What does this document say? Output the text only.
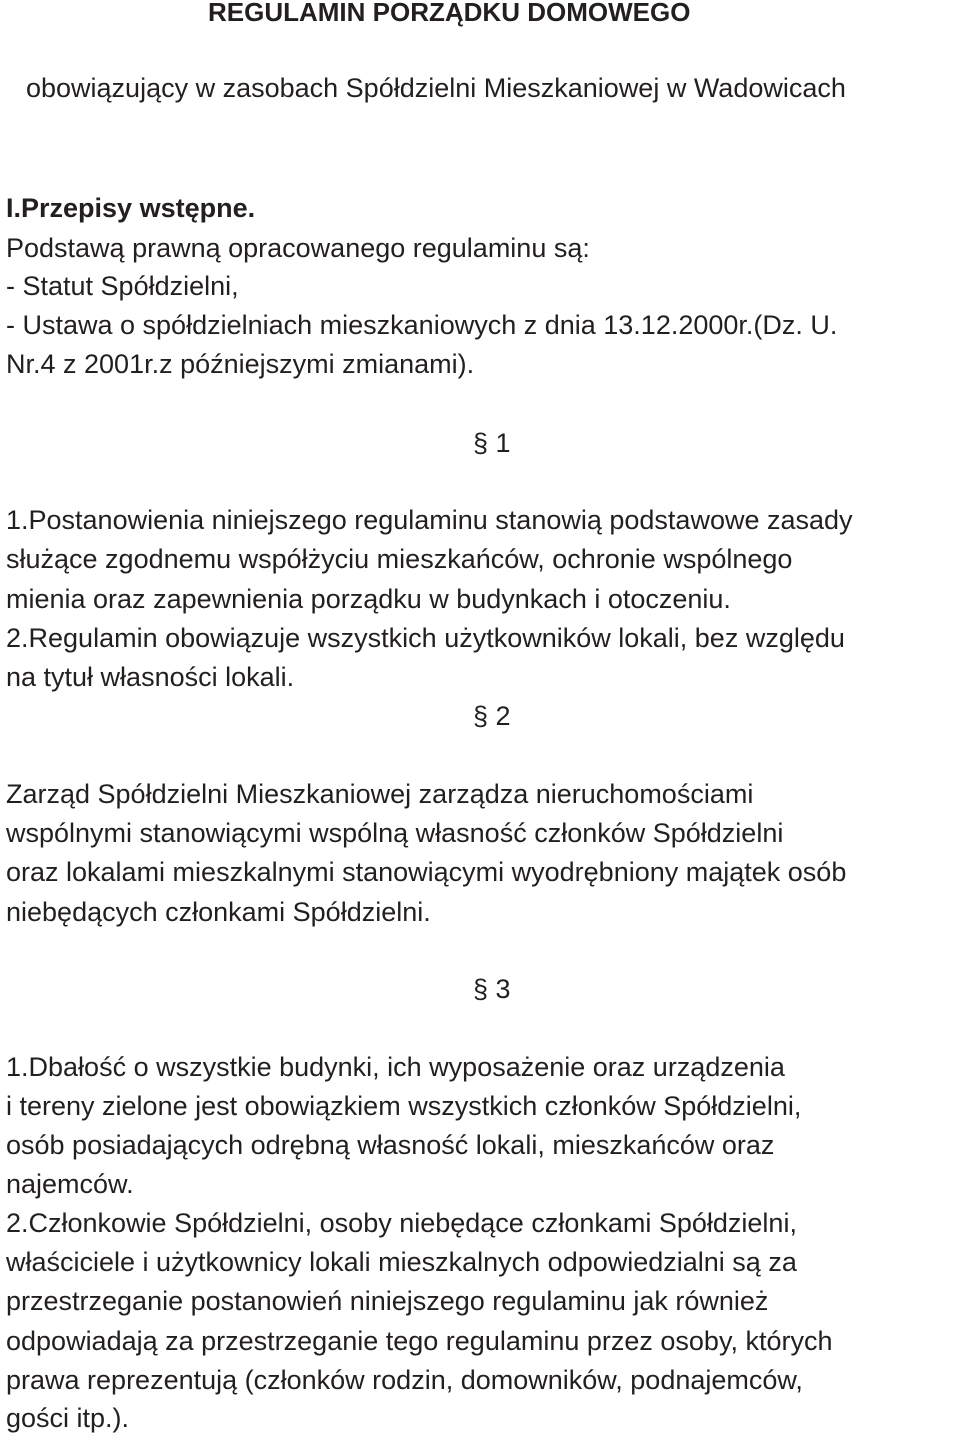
REGULAMIN PORZĄDKU DOMOWEGO
obowiązujący w zasobach Spółdzielni Mieszkaniowej w Wadowicach
I.Przepisy wstępne.
Podstawą prawną opracowanego regulaminu są:
- Statut Spółdzielni,
- Ustawa o spółdzielniach mieszkaniowych z dnia 13.12.2000r.(Dz. U.
Nr.4 z 2001r.z późniejszymi zmianami).
§ 1
1.Postanowienia niniejszego regulaminu stanowią podstawowe zasady
służące zgodnemu współżyciu mieszkańców, ochronie wspólnego
mienia oraz zapewnienia porządku w budynkach i otoczeniu.
2.Regulamin obowiązuje wszystkich użytkowników lokali, bez względu
na tytuł własności lokali.
§ 2
Zarząd Spółdzielni Mieszkaniowej zarządza nieruchomościami
wspólnymi stanowiącymi wspólną własność członków Spółdzielni
oraz lokalami mieszkalnymi stanowiącymi wyodrębniony majątek osób
niebędących członkami Spółdzielni.
§ 3
1.Dbałość o wszystkie budynki, ich wyposażenie oraz urządzenia
i tereny zielone jest obowiązkiem wszystkich członków Spółdzielni,
osób posiadających odrębną własność lokali, mieszkańców oraz
najemców.
2.Członkowie Spółdzielni, osoby niebędące członkami Spółdzielni,
właściciele i użytkownicy lokali mieszkalnych odpowiedzialni są za
przestrzeganie postanowień niniejszego regulaminu jak również
odpowiadają za przestrzeganie tego regulaminu przez osoby, których
prawa reprezentują (członków rodzin, domowników, podnajemców,
gości itp.).
